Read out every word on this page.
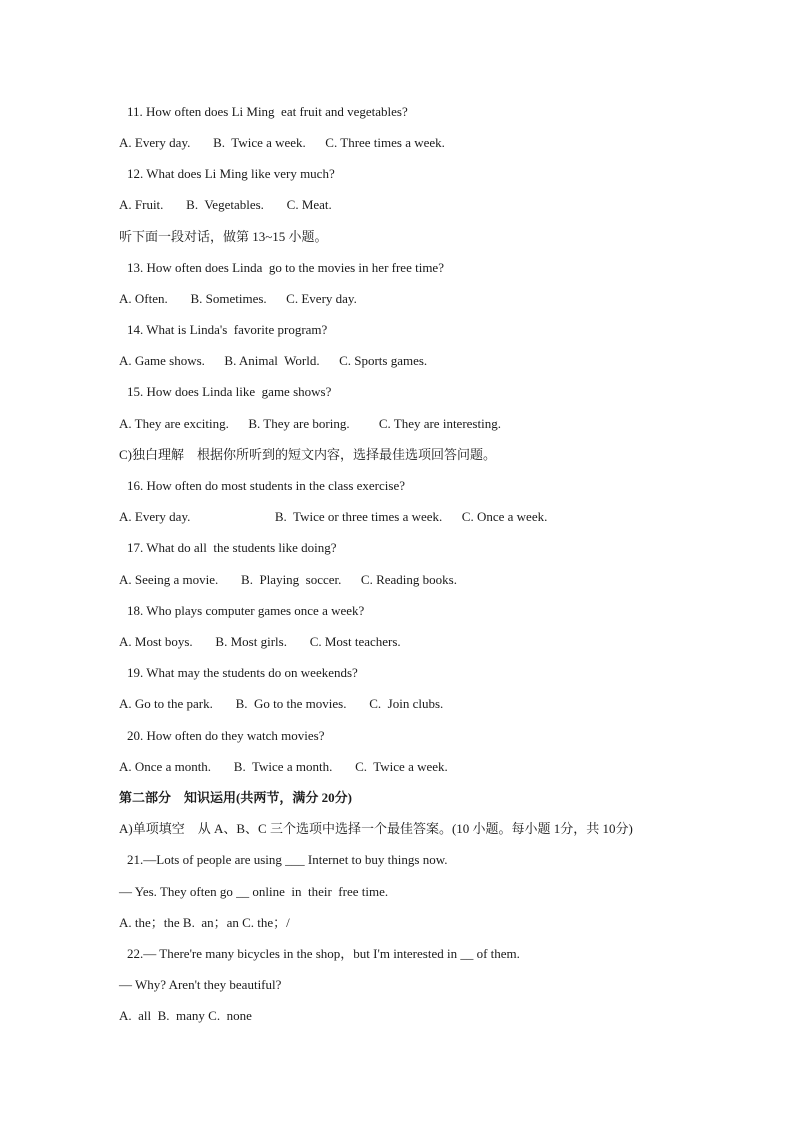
11. How often does Li Ming  eat fruit and vegetables?
A. Every day.       B.  Twice a week.      C. Three times a week.
12. What does Li Ming like very much?
A. Fruit.       B.  Vegetables.       C. Meat.
听下面一段对话，做第 13~15 小题。
13. How often does Linda  go to the movies in her free time?
A. Often.       B. Sometimes.      C. Every day.
14. What is Linda's  favorite program?
A. Game shows.      B. Animal  World.      C. Sports games.
15. How does Linda like  game shows?
A. They are exciting.      B. They are boring.         C. They are interesting.
C)独白理解    根据你所听到的短文内容，选择最佳选项回答问题。
16. How often do most students in the class exercise?
A. Every day.                          B.  Twice or three times a week.      C. Once a week.
17. What do all  the students like doing?
A. Seeing a movie.       B.  Playing  soccer.      C. Reading books.
18. Who plays computer games once a week?
A. Most boys.       B. Most girls.       C. Most teachers.
19. What may the students do on weekends?
A. Go to the park.       B.  Go to the movies.       C.  Join clubs.
20. How often do they watch movies?
A. Once a month.       B.  Twice a month.       C.  Twice a week.
第二部分    知识运用(共两节，满分 20分)
A)单项填空    从 A、B、C 三个选项中选择一个最佳答案。(10 小题。每小题 1分，共 10分)
21.—Lots of people are using ___ Internet to buy things now.
— Yes. They often go __ online  in  their  free time.
A. the；the B.  an；an C. the；/
22.— There're many bicycles in the shop，but I'm interested in __ of them.
— Why? Aren't they beautiful?
A.  all  B.  many C.  none
